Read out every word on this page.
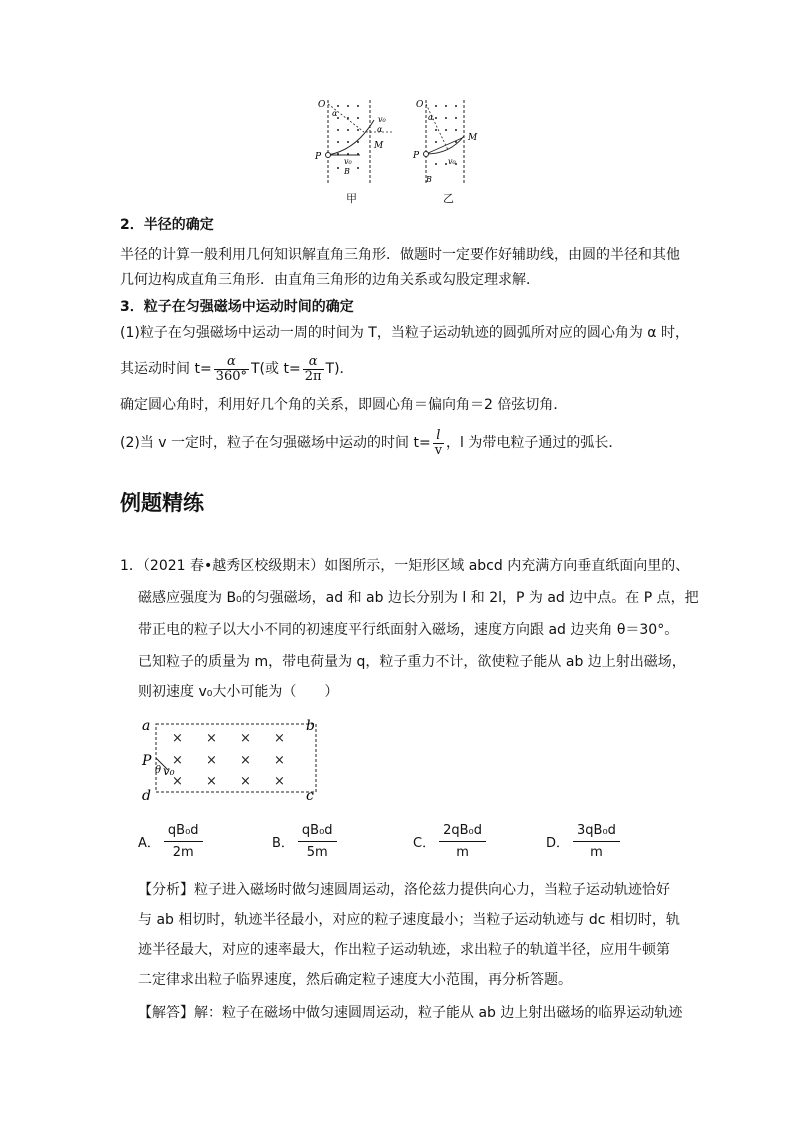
O
α
v₀
α
M
P	v₀
B
O
α
M
P
v₀
B
甲	乙
2．半径的确定
半径的计算一般利用几何知识解直角三角形．做题时一定要作好辅助线，由圆的半径和其他
几何边构成直角三角形．由直角三角形的边角关系或勾股定理求解．
3．粒子在匀强磁场中运动时间的确定
(1)粒子在匀强磁场中运动一周的时间为 T，当粒子运动轨迹的圆弧所对应的圆心角为 α 时，
其运动时间 $t= \frac{\alpha}{360^\circ} T$(或 $t= \frac{\alpha}{2\pi} T$)．
确定圆心角时，利用好几个角的关系，即圆心角＝偏向角＝2 倍弦切角．
(2)当 v 一定时，粒子在匀强磁场中运动的时间 $t= \frac{l}{v}$ ，l 为带电粒子通过的弧长．
例题精练
1．（2021 春•越秀区校级期末）如图所示，一矩形区域 abcd 内充满方向垂直纸面向里的、
磁感应强度为 B₀的匀强磁场，ad 和 ab 边长分别为 l 和 2l，P 为 ad 边中点。在 P 点，把
带正电的粒子以大小不同的初速度平行纸面射入磁场，速度方向跟 ad 边夹角 θ＝30°。
已知粒子的质量为 m，带电荷量为 q，粒子重力不计，欲使粒子能从 ab 边上射出磁场，
则初速度 v₀大小可能为（　　）
× × × ×
× × × ×
× × × ×
a	b
c
d
P
θ v₀
A． $\frac{\text{qB₀d}}{2m}$	B． $\frac{\text{qB₀d}}{5m}$	C． $\frac{\text{2qB₀d}}{m}$	D． $\frac{\text{3qB₀d}}{m}$
【分析】粒子进入磁场时做匀速圆周运动，洛伦兹力提供向心力，当粒子运动轨迹恰好
与 ab 相切时，轨迹半径最小，对应的粒子速度最小；当粒子运动轨迹与 dc 相切时，轨
迹半径最大，对应的速率最大，作出粒子运动轨迹，求出粒子的轨道半径，应用牛顿第
二定律求出粒子临界速度，然后确定粒子速度大小范围，再分析答题。
【解答】解：粒子在磁场中做匀速圆周运动，粒子能从 ab 边上射出磁场的临界运动轨迹
